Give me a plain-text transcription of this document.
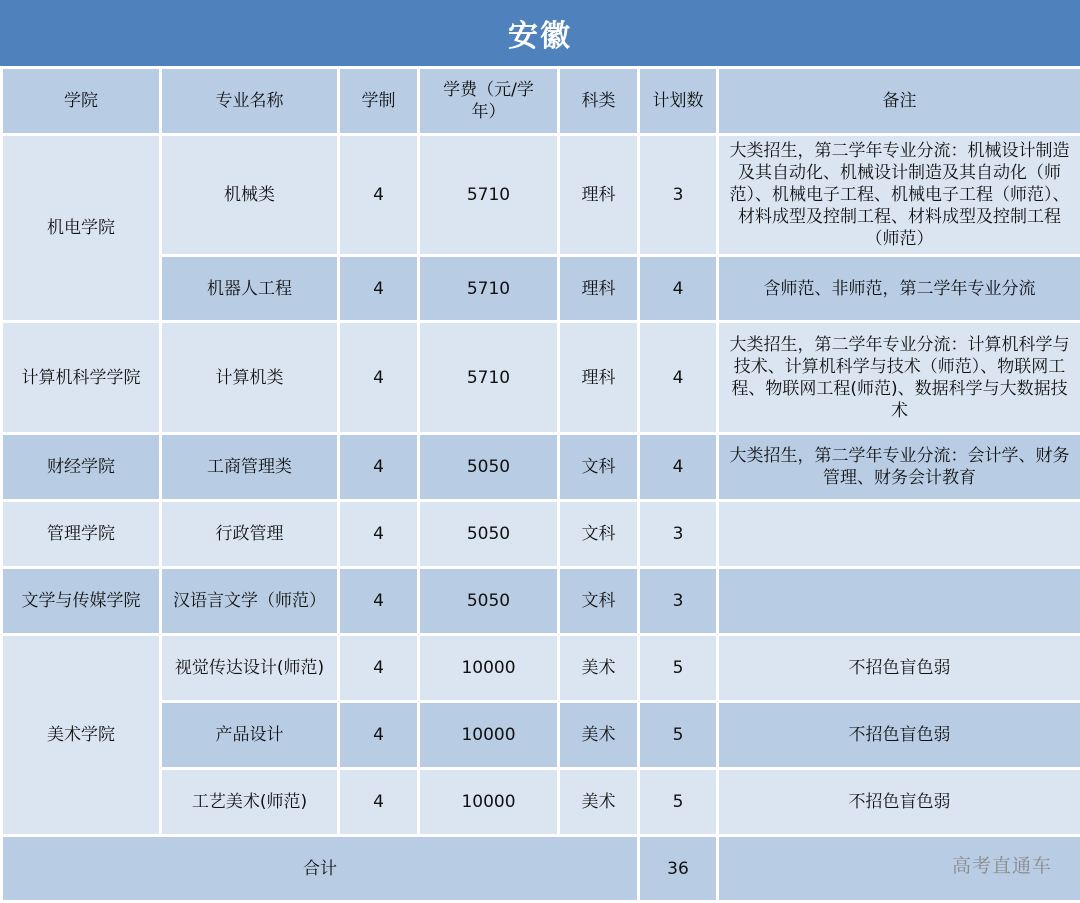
安徽
学院	专业名称	学制	学费（元/学年）	科类	计划数	备注
机电学院	机械类	4	5710	理科	3	大类招生，第二学年专业分流：机械设计制造及其自动化、机械设计制造及其自动化（师范）、机械电子工程、机械电子工程（师范）、材料成型及控制工程、材料成型及控制工程（师范）
	机器人工程	4	5710	理科	4	含师范、非师范，第二学年专业分流
计算机科学学院	计算机类	4	5710	理科	4	大类招生，第二学年专业分流：计算机科学与技术、计算机科学与技术（师范）、物联网工程、物联网工程(师范)、数据科学与大数据技术
财经学院	工商管理类	4	5050	文科	4	大类招生，第二学年专业分流：会计学、财务管理、财务会计教育
管理学院	行政管理	4	5050	文科	3	
文学与传媒学院	汉语言文学（师范）	4	5050	文科	3	
美术学院	视觉传达设计(师范)	4	10000	美术	5	不招色盲色弱
	产品设计	4	10000	美术	5	不招色盲色弱
	工艺美术(师范)	4	10000	美术	5	不招色盲色弱
合计					36		高考直通车
